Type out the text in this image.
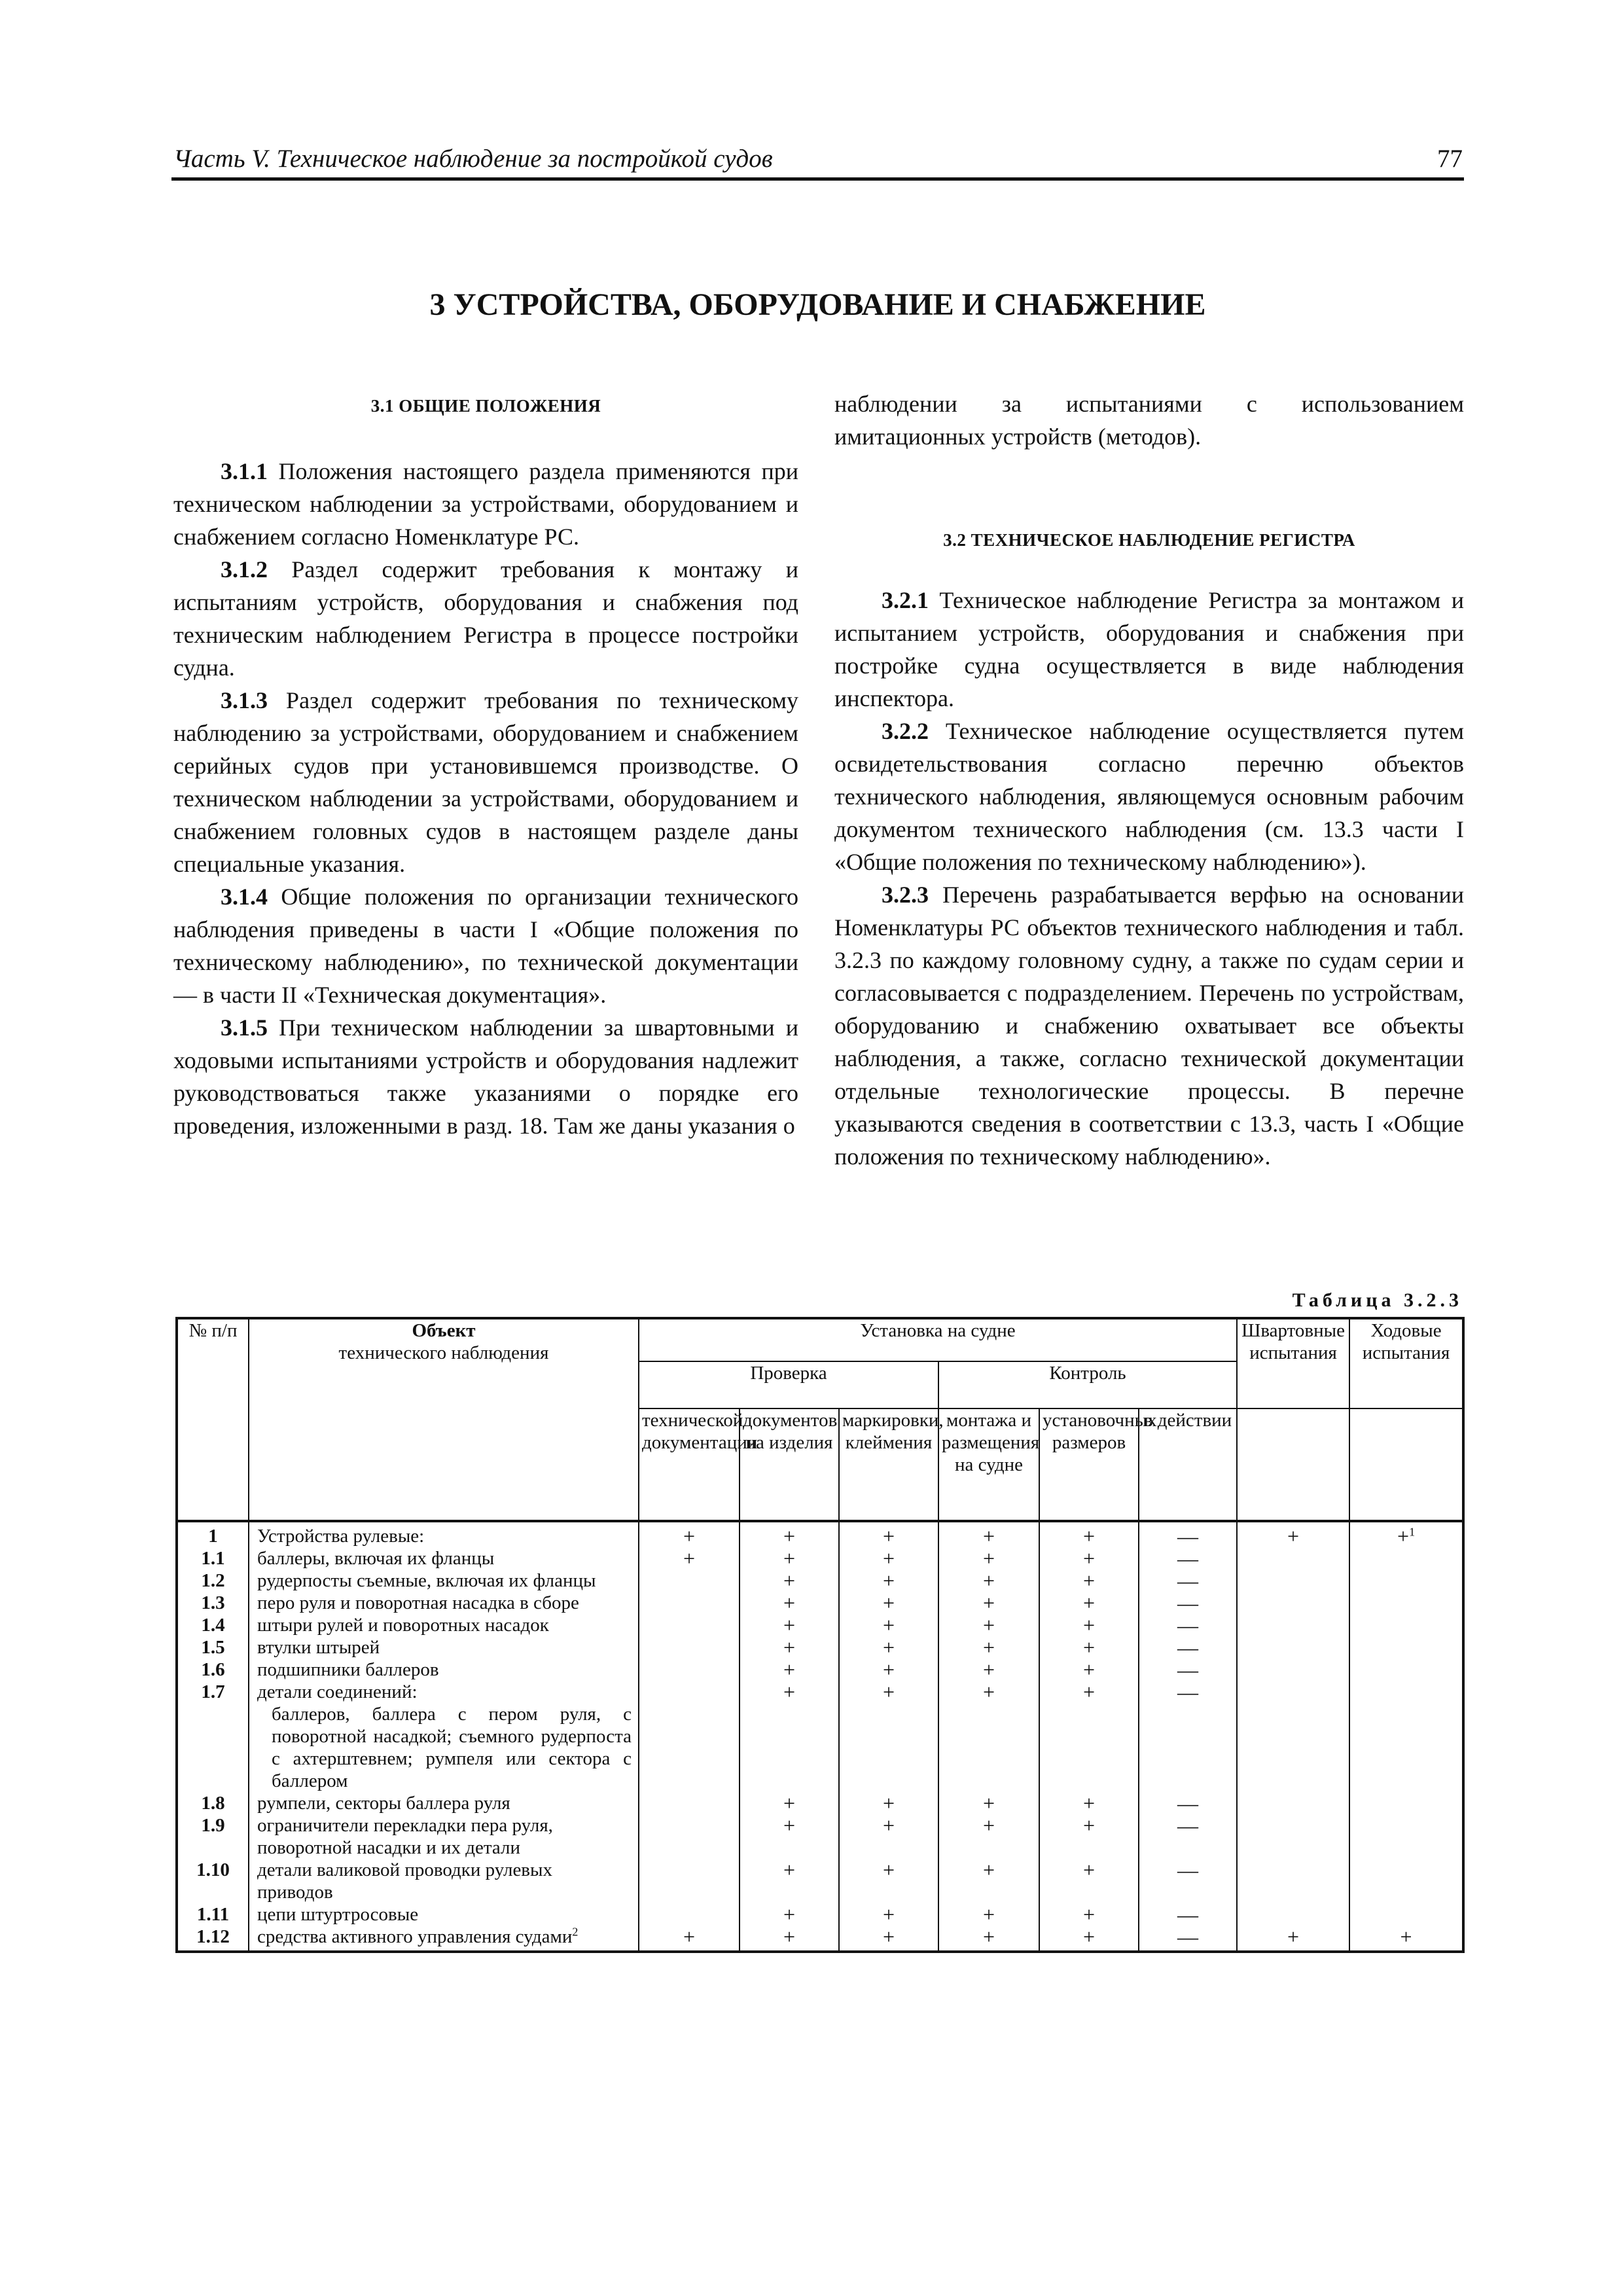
Часть V. Техническое наблюдение за постройкой судов	77
3 УСТРОЙСТВА, ОБОРУДОВАНИЕ И СНАБЖЕНИЕ
3.1 ОБЩИЕ ПОЛОЖЕНИЯ

3.1.1 Положения настоящего раздела применяются при техническом наблюдении за устройствами, оборудованием и снабжением согласно Номенклатуре РС.

3.1.2 Раздел содержит требования к монтажу и испытаниям устройств, оборудования и снабжения под техническим наблюдением Регистра в процессе постройки судна.

3.1.3 Раздел содержит требования по техническому наблюдению за устройствами, оборудованием и снабжением серийных судов при установившемся производстве. О техническом наблюдении за устройствами, оборудованием и снабжением головных судов в настоящем разделе даны специальные указания.

3.1.4 Общие положения по организации технического наблюдения приведены в части I «Общие положения по техническому наблюдению», по технической документации — в части II «Техническая документация».

3.1.5 При техническом наблюдении за швартовными и ходовыми испытаниями устройств и оборудования надлежит руководствоваться также указаниями о порядке его проведения, изложенными в разд. 18. Там же даны указания о

наблюдении за испытаниями с использованием имитационных устройств (методов).

3.2 ТЕХНИЧЕСКОЕ НАБЛЮДЕНИЕ РЕГИСТРА

3.2.1 Техническое наблюдение Регистра за монтажом и испытанием устройств, оборудования и снабжения при постройке судна осуществляется в виде наблюдения инспектора.

3.2.2 Техническое наблюдение осуществляется путем освидетельствования согласно перечню объектов технического наблюдения, являющемуся основным рабочим документом технического наблюдения (см. 13.3 части I «Общие положения по техническому наблюдению»).

3.2.3 Перечень разрабатывается верфью на основании Номенклатуры РС объектов технического наблюдения и табл. 3.2.3 по каждому головному судну, а также по судам серии и согласовывается с подразделением. Перечень по устройствам, оборудованию и снабжению охватывает все объекты наблюдения, а также, согласно технической документации отдельные технологические процессы. В перечне указываются сведения в соответствии с 13.3, часть I «Общие положения по техническому наблюдению».

Таблица 3.2.3
№ п/п	Объект
технического наблюдения	Установка на судне						Швартовные испытания	Ходовые испытания
		Проверка			Контроль				
		технической документации	документов на изделия	маркировки, клеймения	монтажа и размещения на судне	установочных размеров	в действии		
1	Устройства рулевые:	+	+	+	+	+	—	+	+$^1$
1.1	баллеры, включая их фланцы	+	+	+	+	+	—		
1.2	рудерпосты съемные, включая их фланцы		+	+	+	+	—		
1.3	перо руля и поворотная насадка в сборе		+	+	+	+	—		
1.4	штыри рулей и поворотных насадок		+	+	+	+	—		
1.5	втулки штырей		+	+	+	+	—		
1.6	подшипники баллеров		+	+	+	+	—		
1.7	детали соединений:		+	+	+	+	—		
	баллеров, баллера с пером руля, с поворотной насадкой; съемного рудерпоста с ахтерштевнем; румпеля или сектора с баллером								
1.8	румпели, секторы баллера руля		+	+	+	+	—		
1.9	ограничители перекладки пера руля, поворотной насадки и их детали		+	+	+	+	—		
1.10	детали валиковой проводки рулевых приводов		+	+	+	+	—		
1.11	цепи штуртросовые		+	+	+	+	—		
1.12	средства активного управления судами$^2$	+	+	+	+	+	—	+	+
